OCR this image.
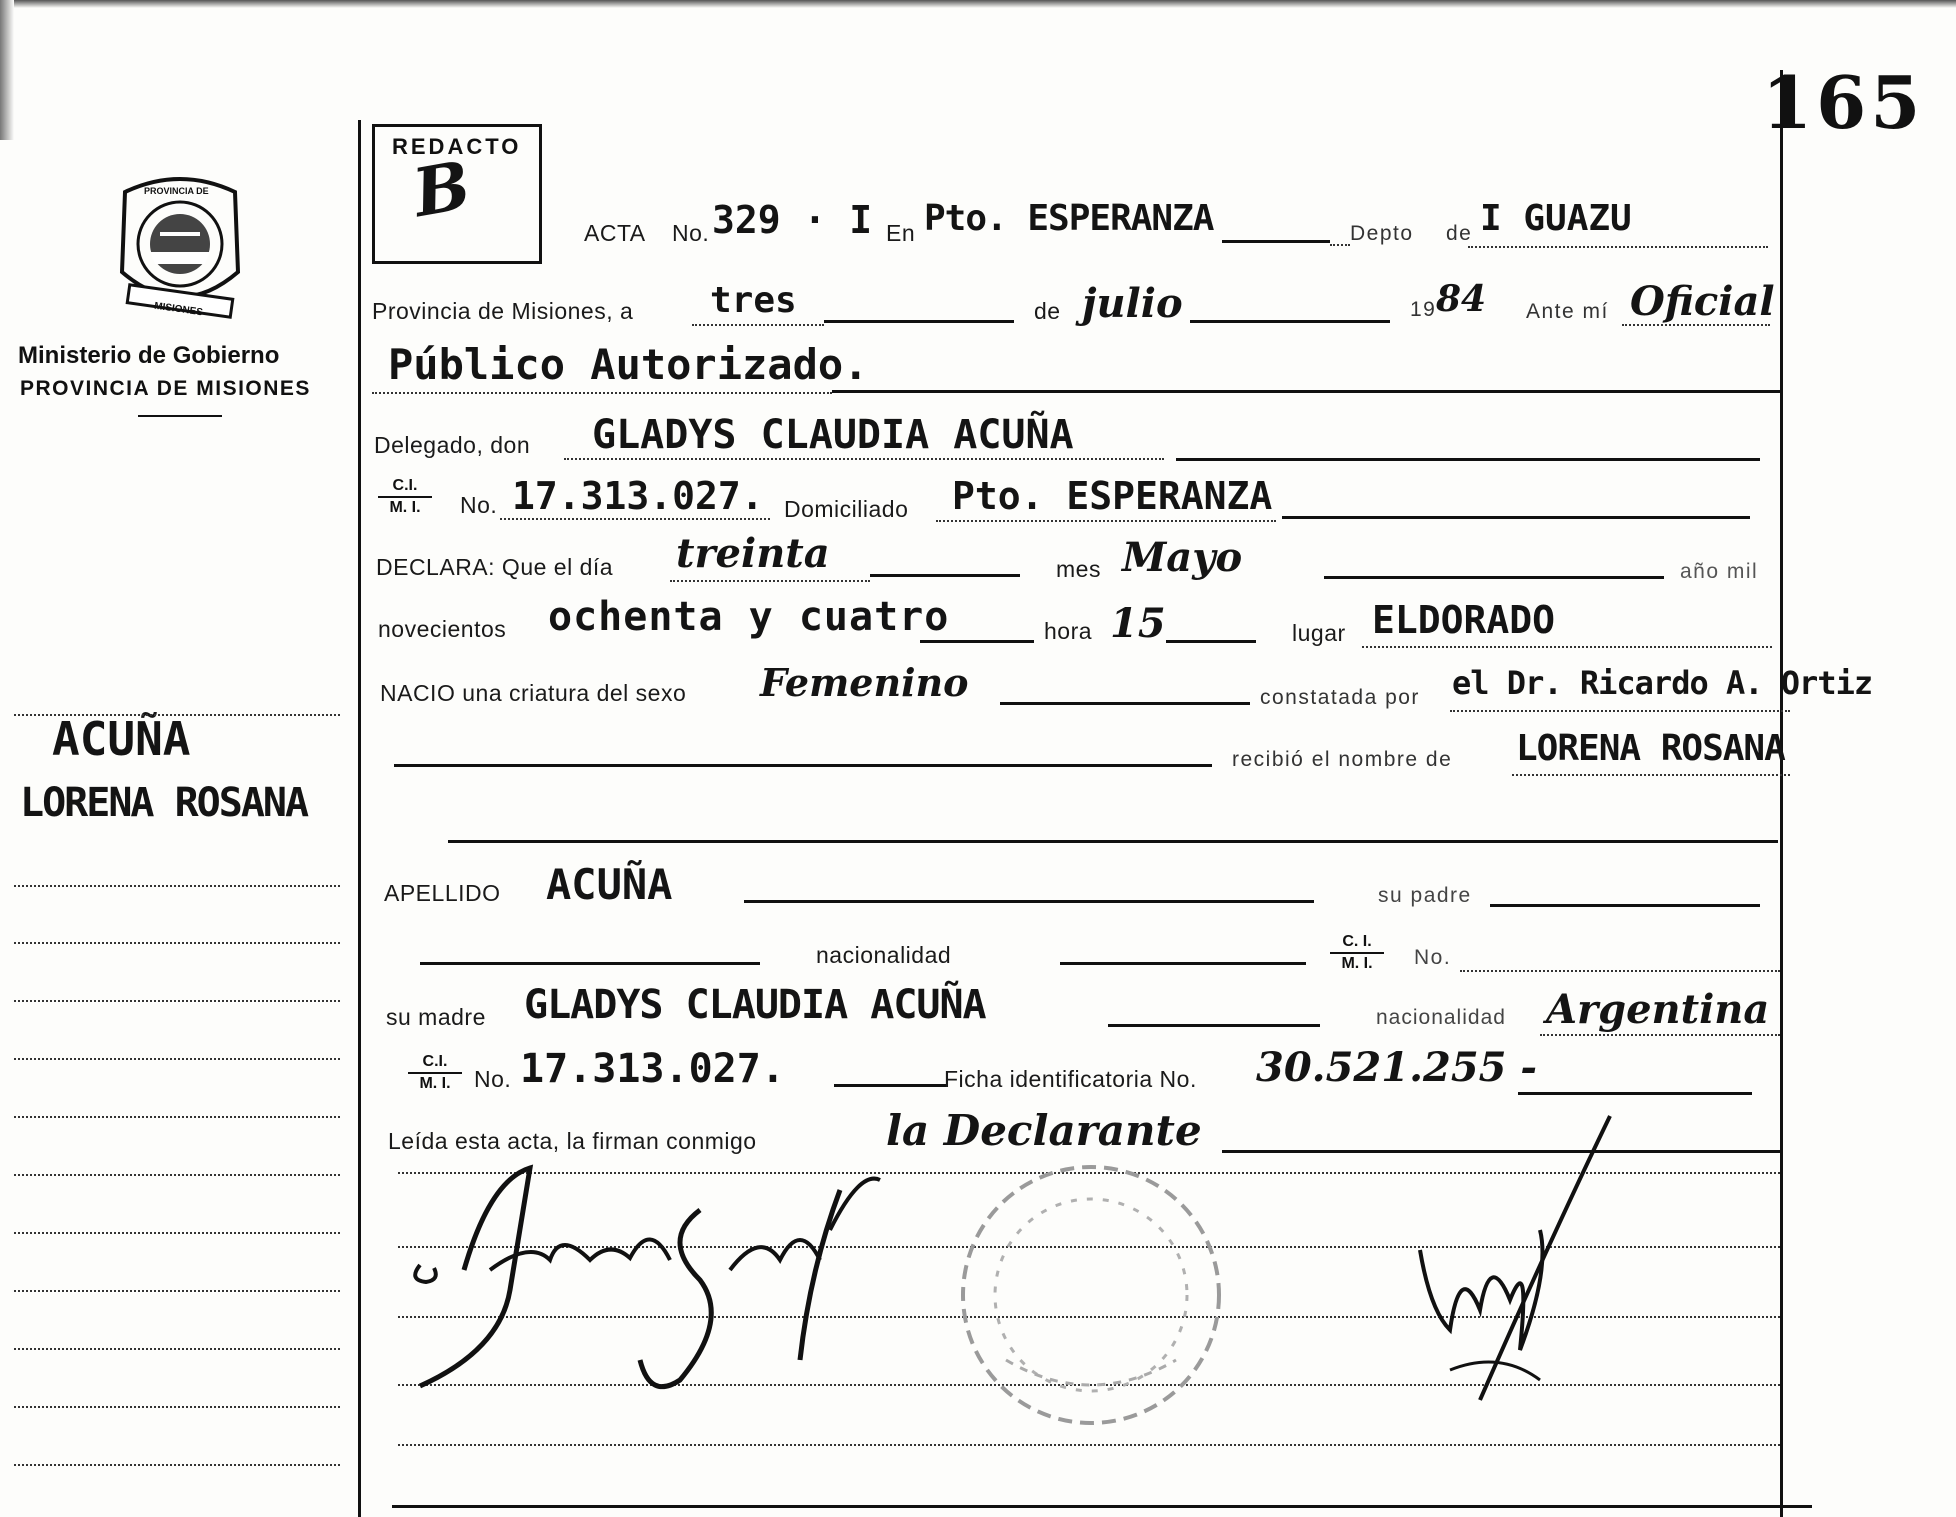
165
PROVINCIA DE
MISIONES
Ministerio de Gobierno
PROVINCIA DE MISIONES
ACUÑA
LORENA ROSANA
REDACTO
B
ACTA No. 329 · I En Pto. ESPERANZA	Depto de I GUAZU
Provincia de Misiones, a tres	de julio	19 84 Ante mí Oficial
Público Autorizado.
Delegado, don GLADYS CLAUDIA ACUÑA
$\frac{C.I.}{M. I.} No$. 17.313.027. Domiciliado Pto. ESPERANZA
DECLARA: Que el día treinta	mes Mayo	año mil
novecientos ochenta y cuatro	hora 15	lugar ELDORADO
NACIO una criatura del sexo Femenino	constatada por el Dr. Ricardo A. Ortiz
recibió el nombre de LORENA ROSANA
APELLIDO ACUÑA	su padre
nacionalidad	$\frac{C. I.}{M. I.} No$.
su madre GLADYS CLAUDIA ACUÑA	nacionalidad Argentina
$\frac{C.I.}{M. I.} No$. 17.313.027.	Ficha identificatoria No. 30.521.255 -
Leída esta acta, la firman conmigo	la Declarante
